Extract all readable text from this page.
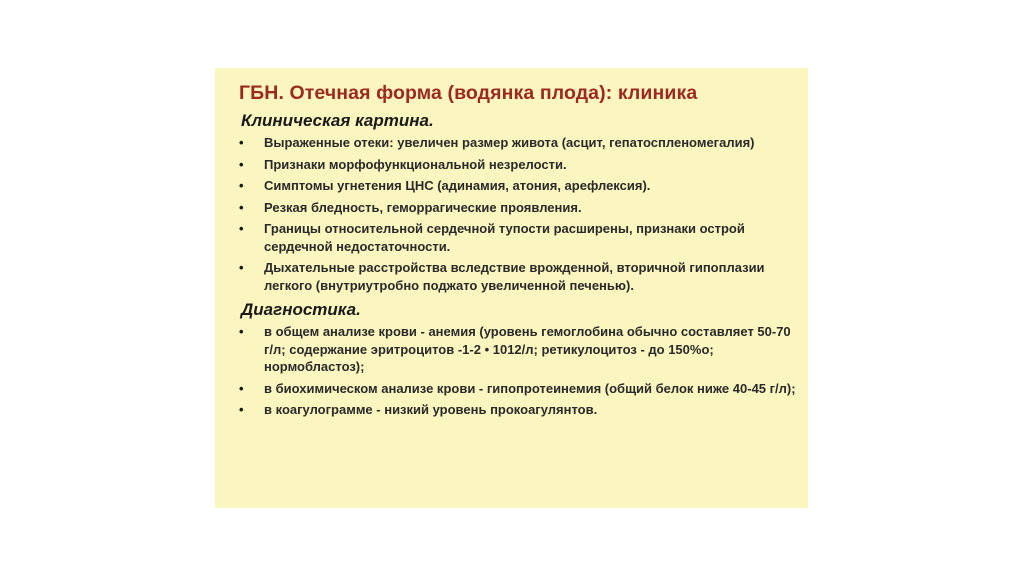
ГБН. Отечная форма (водянка плода): клиника
Клиническая картина.
• Выраженные отеки: увеличен размер живота (асцит, гепатоспленомегалия)
• Признаки морфофункциональной незрелости.
• Симптомы угнетения ЦНС (адинамия, атония, арефлексия).
• Резкая бледность, геморрагические проявления.
• Границы относительной сердечной тупости расширены, признаки острой сердечной недостаточности.
• Дыхательные расстройства вследствие врожденной, вторичной гипоплазии легкого (внутриутробно поджато увеличенной печенью).
Диагностика.
• в общем анализе крови - анемия (уровень гемоглобина обычно составляет 50-70 г/л; содержание эритроцитов -1-2 • 1012/л; ретикулоцитоз - до 150%о; нормобластоз);
• в биохимическом анализе крови - гипопротеинемия (общий белок ниже 40-45 г/л);
• в коагулограмме - низкий уровень прокоагулянтов.
